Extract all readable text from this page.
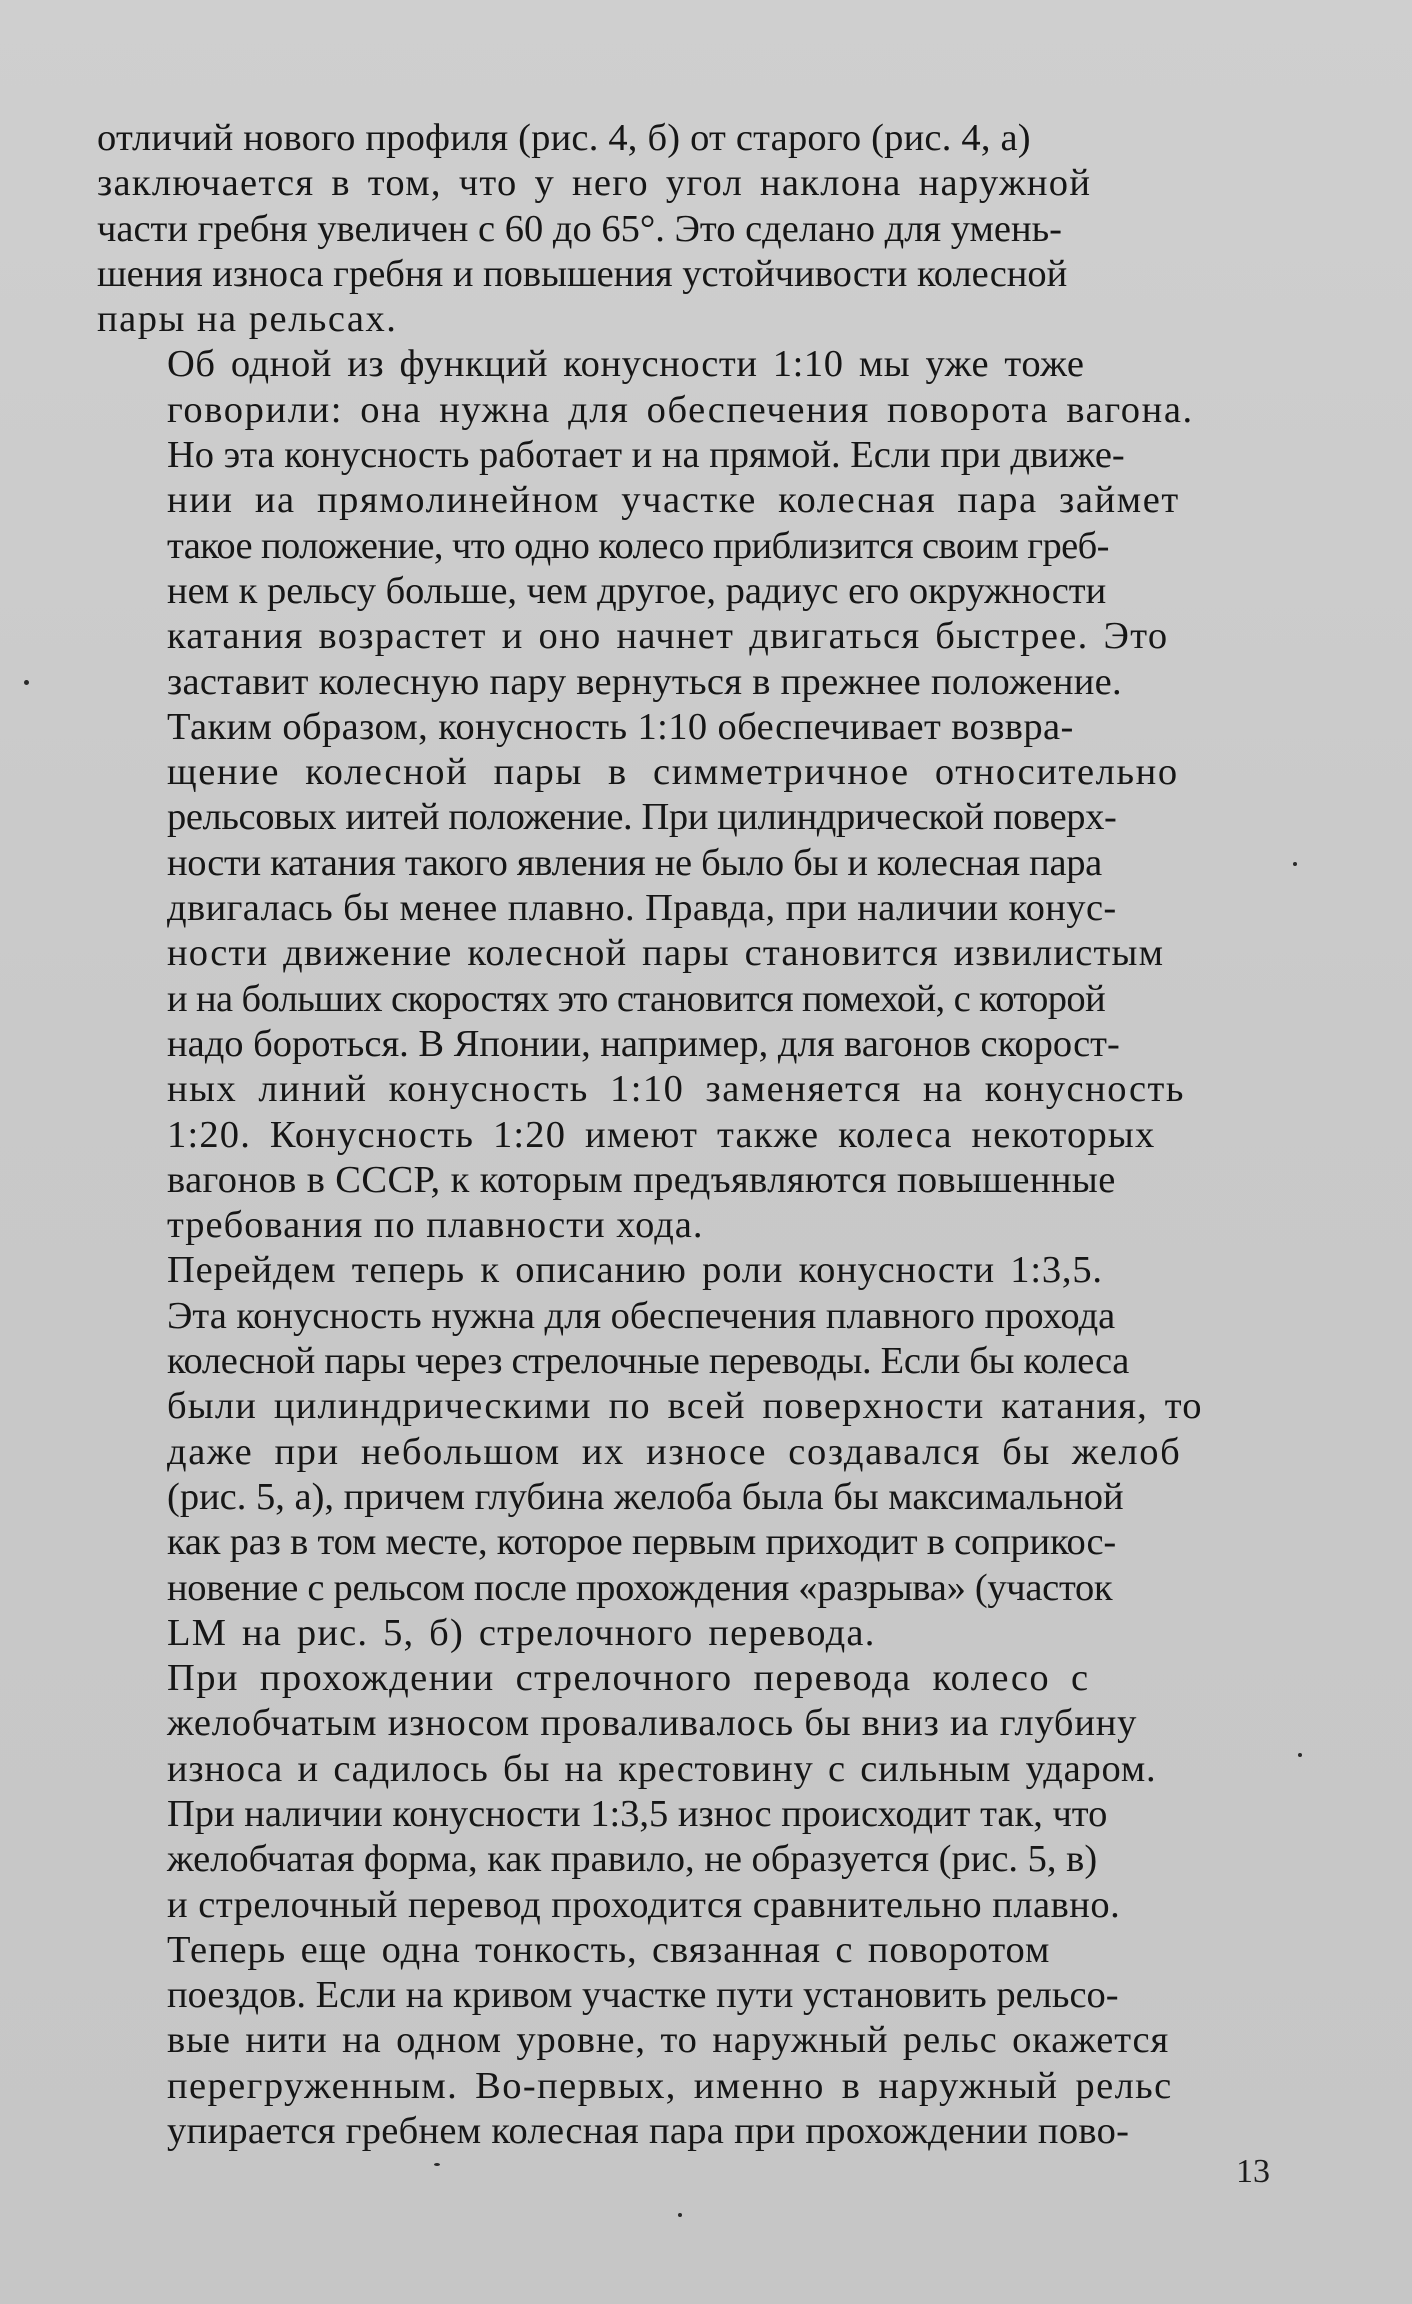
отличий нового профиля (рис. 4, б) от старого (рис. 4, а)
заключается в том, что у него угол наклона наружной
части гребня увеличен с 60 до 65°. Это сделано для умень-
шения износа гребня и повышения устойчивости колесной
пары на рельсах.

Об одной из функций конусности 1:10 мы уже тоже
говорили: она нужна для обеспечения поворота вагона.
Но эта конусность работает и на прямой. Если при движе-
нии иа прямолинейном участке колесная пара займет
такое положение, что одно колесо приблизится своим греб-
нем к рельсу больше, чем другое, радиус его окружности
катания возрастет и оно начнет двигаться быстрее. Это
заставит колесную пару вернуться в прежнее положение.

Таким образом, конусность 1:10 обеспечивает возвра-
щение колесной пары в симметричное относительно
рельсовых иитей положение. При цилиндрической поверх-
ности катания такого явления не было бы и колесная пара
двигалась бы менее плавно. Правда, при наличии конус-
ности движение колесной пары становится извилистым
и на больших скоростях это становится помехой, с которой
надо бороться. В Японии, например, для вагонов скорост-
ных линий конусность 1:10 заменяется на конусность
1:20. Конусность 1:20 имеют также колеса некоторых
вагонов в СССР, к которым предъявляются повышенные
требования по плавности хода.

Перейдем теперь к описанию роли конусности 1:3,5.
Эта конусность нужна для обеспечения плавного прохода
колесной пары через стрелочные переводы. Если бы колеса
были цилиндрическими по всей поверхности катания, то
даже при небольшом их износе создавался бы желоб
(рис. 5, а), причем глубина желоба была бы максимальной
как раз в том месте, которое первым приходит в соприкос-
новение с рельсом после прохождения «разрыва» (участок
LM на рис. 5, б) стрелочного перевода.

При прохождении стрелочного перевода колесо с
желобчатым износом проваливалось бы вниз иа глубину
износа и садилось бы на крестовину с сильным ударом.
При наличии конусности 1:3,5 износ происходит так, что
желобчатая форма, как правило, не образуется (рис. 5, в)
и стрелочный перевод проходится сравнительно плавно.

Теперь еще одна тонкость, связанная с поворотом
поездов. Если на кривом участке пути установить рельсо-
вые нити на одном уровне, то наружный рельс окажется
перегруженным. Во-первых, именно в наружный рельс
упирается гребнем колесная пара при прохождении пово-

13
